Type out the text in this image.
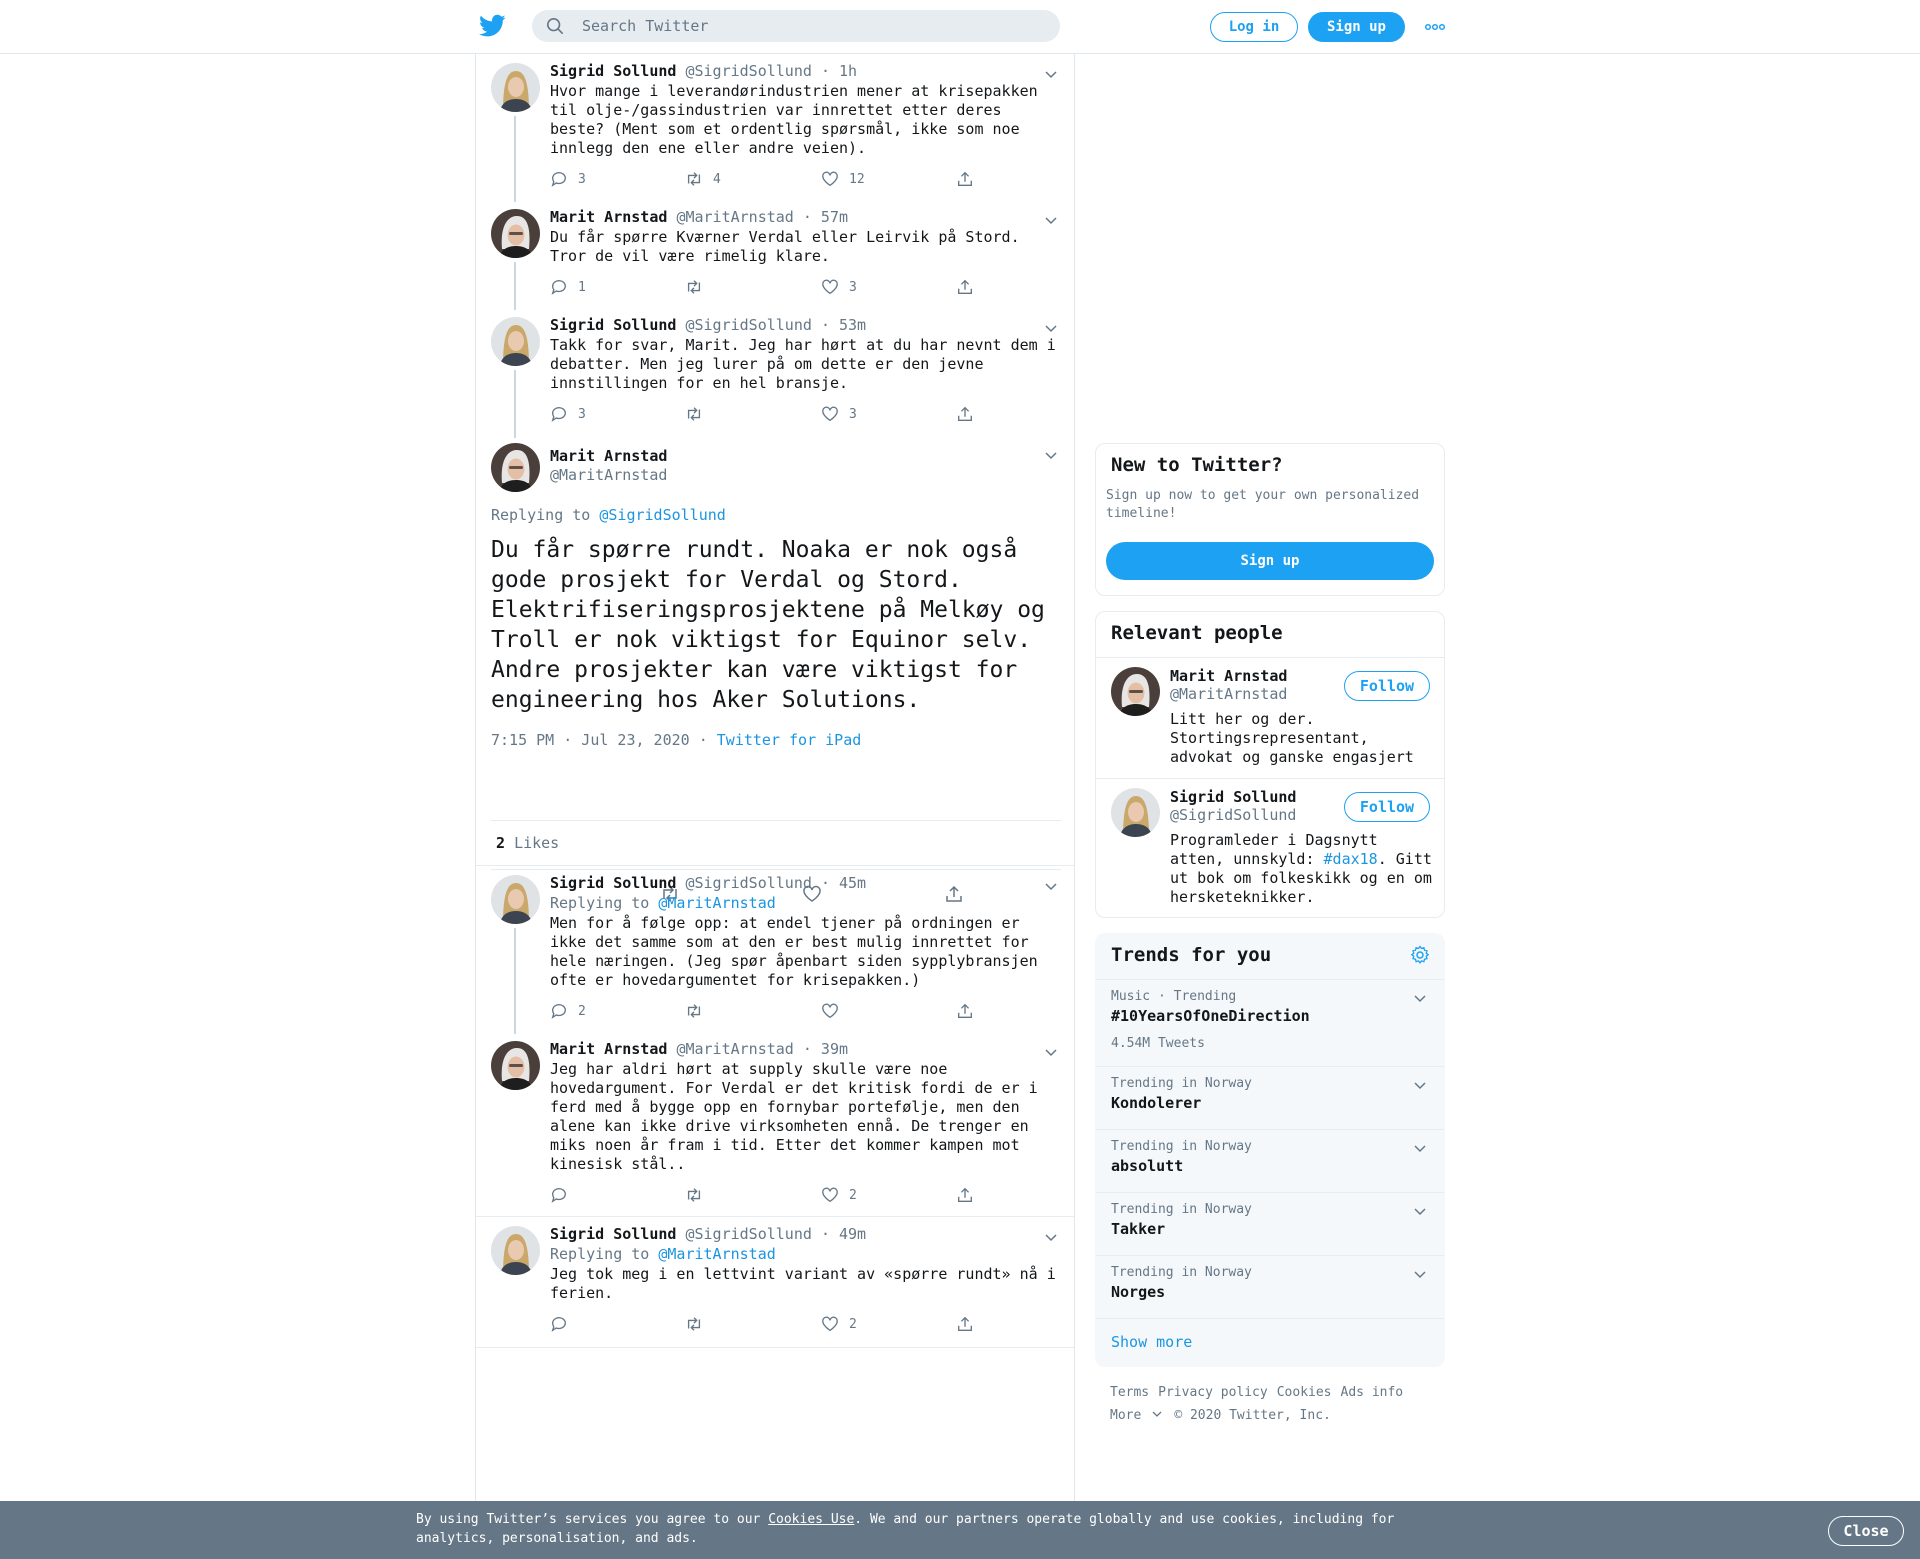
Search Twitter
Log in	Sign up
Sigrid Sollund @SigridSollund · 1h
Hvor mange i leverandørindustrien mener at krisepakken
til olje-/gassindustrien var innrettet etter deres
beste? (Ment som et ordentlig spørsmål, ikke som noe
innlegg den ene eller andre veien).
3	4	12
Marit Arnstad @MaritArnstad · 57m
Du får spørre Kværner Verdal eller Leirvik på Stord.
Tror de vil være rimelig klare.
1	3
Sigrid Sollund @SigridSollund · 53m
Takk for svar, Marit. Jeg har hørt at du har nevnt dem i
debatter. Men jeg lurer på om dette er den jevne
innstillingen for en hel bransje.
3	3
Marit Arnstad
@MaritArnstad
Replying to @SigridSollund
Du får spørre rundt. Noaka er nok også gode prosjekt for Verdal og Stord. Elektrifiseringsprosjektene på Melkøy og Troll er nok viktigst for Equinor selv. Andre prosjekter kan være viktigst for engineering hos Aker Solutions.
7:15 PM · Jul 23, 2020 · Twitter for iPad
2 Likes
Sigrid Sollund @SigridSollund · 45m
Replying to @MaritArnstad
Men for å følge opp: at endel tjener på ordningen er
ikke det samme som at den er best mulig innrettet for
hele næringen. (Jeg spør åpenbart siden sypplybransjen
ofte er hovedargumentet for krisepakken.)
2
Marit Arnstad @MaritArnstad · 39m
Jeg har aldri hørt at supply skulle være noe
hovedargument. For Verdal er det kritisk fordi de er i
ferd med å bygge opp en fornybar portefølje, men den
alene kan ikke drive virksomheten ennå. De trenger en
miks noen år fram i tid. Etter det kommer kampen mot
kinesisk stål..
2
Sigrid Sollund @SigridSollund · 49m
Replying to @MaritArnstad
Jeg tok meg i en lettvint variant av «spørre rundt» nå i
ferien.
2
New to Twitter?
Sign up now to get your own personalized timeline!
Sign up
Relevant people
Marit Arnstad
@MaritArnstad	Follow
Litt her og der. Stortingsrepresentant, advokat og ganske engasjert
Sigrid Sollund
@SigridSollund	Follow
Programleder i Dagsnytt atten, unnskyld: #dax18. Gitt ut bok om folkeskikk og en om hersketeknikker.
Trends for you
Music · Trending
#10YearsOfOneDirection
4.54M Tweets
Trending in Norway
Kondolerer
Trending in Norway
absolutt
Trending in Norway
Takker
Trending in Norway
Norges
Show more
Terms Privacy policy Cookies Ads info
More	© 2020 Twitter, Inc.
By using Twitter’s services you agree to our Cookies Use. We and our partners operate globally and use cookies, including for analytics, personalisation, and ads.	Close
